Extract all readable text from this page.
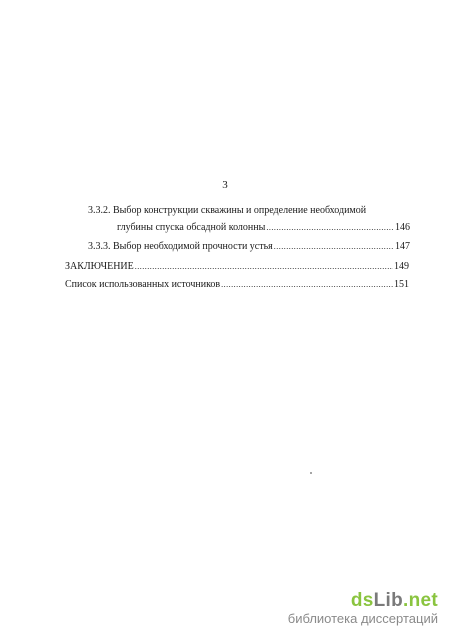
3
3.3.2. Выбор конструкции скважины и определение необходимой
глубины спуска обсадной колонны .....	146
3.3.3. Выбор необходимой прочности устья .....	147
ЗАКЛЮЧЕНИЕ .....	149
Список использованных источников .....	151
dsLib.net
библиотека диссертаций
